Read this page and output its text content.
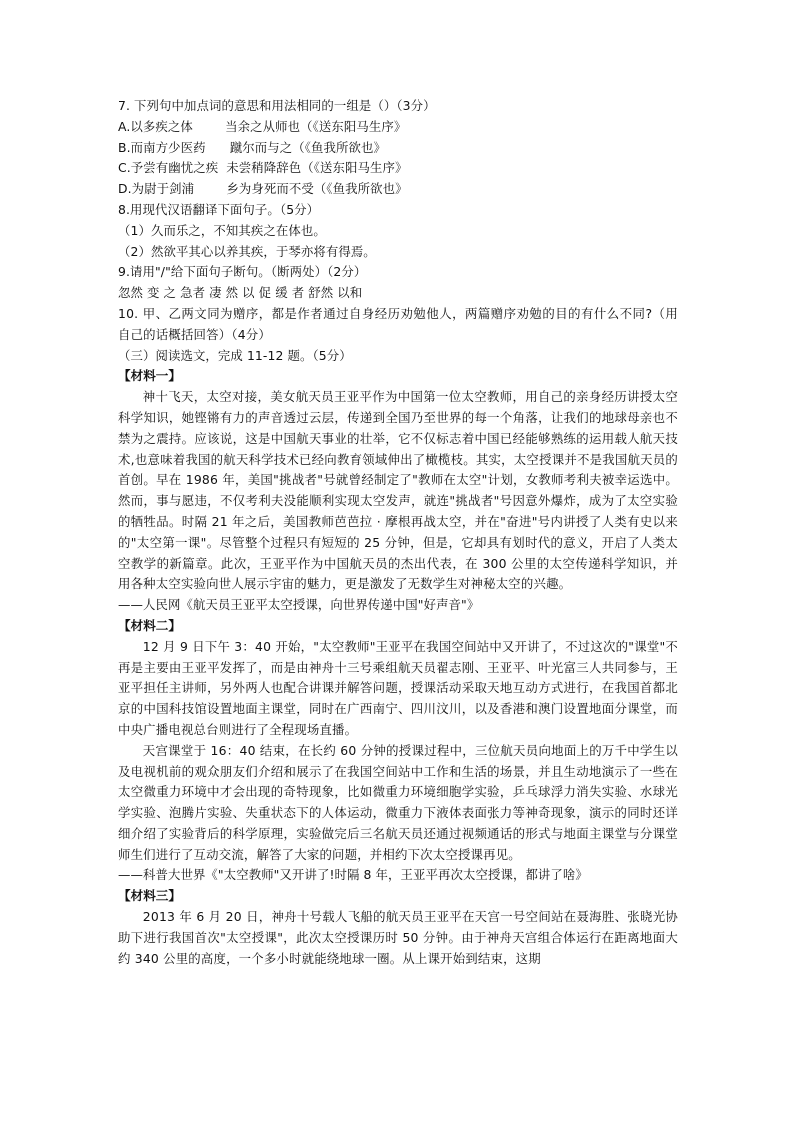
7. 下列句中加点词的意思和用法相同的一组是（）（3分）
A.以多疾之体        当余之从师也（《送东阳马生序》
B.而南方少医药      蹴尔而与之（《鱼我所欲也》
C.予尝有幽忧之疾  未尝稍降辞色（《送东阳马生序》
D.为尉于剑浦        乡为身死而不受（《鱼我所欲也》
8.用现代汉语翻译下面句子。（5分）
（1）久而乐之，不知其疾之在体也。
（2）然欲平其心以养其疾，于琴亦将有得焉。
9.请用"/"给下面句子断句。（断两处）（2分）
忽然 变 之 急者 凄 然 以 促 缓 者 舒然 以和
10. 甲、乙两文同为赠序，都是作者通过自身经历劝勉他人，两篇赠序劝勉的目的有什么不同?（用自己的话概括回答）（4分）
（三）阅读选文，完成 11-12 题。（5分）
【材料一】
神十飞天，太空对接，美女航天员王亚平作为中国第一位太空教师，用自己的亲身经历讲授太空科学知识，她铿锵有力的声音透过云层，传递到全国乃至世界的每一个角落，让我们的地球母亲也不禁为之震持。应该说，这是中国航天事业的壮举，它不仅标志着中国已经能够熟练的运用载人航天技术,也意味着我国的航天科学技术已经向教育领域伸出了橄榄枝。其实，太空授课并不是我国航天员的首创。早在 1986 年，美国"挑战者"号就曾经制定了"教师在太空"计划，女教师考利夫被幸运选中。然而，事与愿违，不仅考利夫没能顺利实现太空发声，就连"挑战者"号因意外爆炸，成为了太空实验的牺牲品。时隔 21 年之后，美国教师芭芭拉 · 摩根再战太空，并在"奋进"号内讲授了人类有史以来的"太空第一课"。尽管整个过程只有短短的 25 分钟，但是，它却具有划时代的意义，开启了人类太空教学的新篇章。此次，王亚平作为中国航天员的杰出代表，在 300 公里的太空传递科学知识，并用各种太空实验向世人展示宇宙的魅力，更是激发了无数学生对神秘太空的兴趣。
——人民网《航天员王亚平太空授课，向世界传递中国"好声音"》
【材料二】
12 月 9 日下午 3：40 开始，"太空教师"王亚平在我国空间站中又开讲了，不过这次的"课堂"不再是主要由王亚平发挥了，而是由神舟十三号乘组航天员翟志刚、王亚平、叶光富三人共同参与，王亚平担任主讲师，另外两人也配合讲课并解答问题，授课活动采取天地互动方式进行，在我国首都北京的中国科技馆设置地面主课堂，同时在广西南宁、四川汶川，以及香港和澳门设置地面分课堂，而中央广播电视总台则进行了全程现场直播。
天宫课堂于 16：40 结束，在长约 60 分钟的授课过程中，三位航天员向地面上的万千中学生以及电视机前的观众朋友们介绍和展示了在我国空间站中工作和生活的场景，并且生动地演示了一些在太空微重力环境中才会出现的奇特现象，比如微重力环境细胞学实验，乒乓球浮力消失实验、水球光学实验、泡腾片实验、失重状态下的人体运动，微重力下液体表面张力等神奇现象，演示的同时还详细介绍了实验背后的科学原理，实验做完后三名航天员还通过视频通话的形式与地面主课堂与分课堂师生们进行了互动交流，解答了大家的问题，并相约下次太空授课再见。
——科普大世界《"太空教师"又开讲了!时隔 8 年，王亚平再次太空授课，都讲了啥》
【材料三】
2013 年 6 月 20 日，神舟十号载人飞船的航天员王亚平在天宫一号空间站在聂海胜、张晓光协助下进行我国首次"太空授课"，此次太空授课历时 50 分钟。由于神舟天宫组合体运行在距离地面大约 340 公里的高度，一个多小时就能绕地球一圈。从上课开始到结束，这期
